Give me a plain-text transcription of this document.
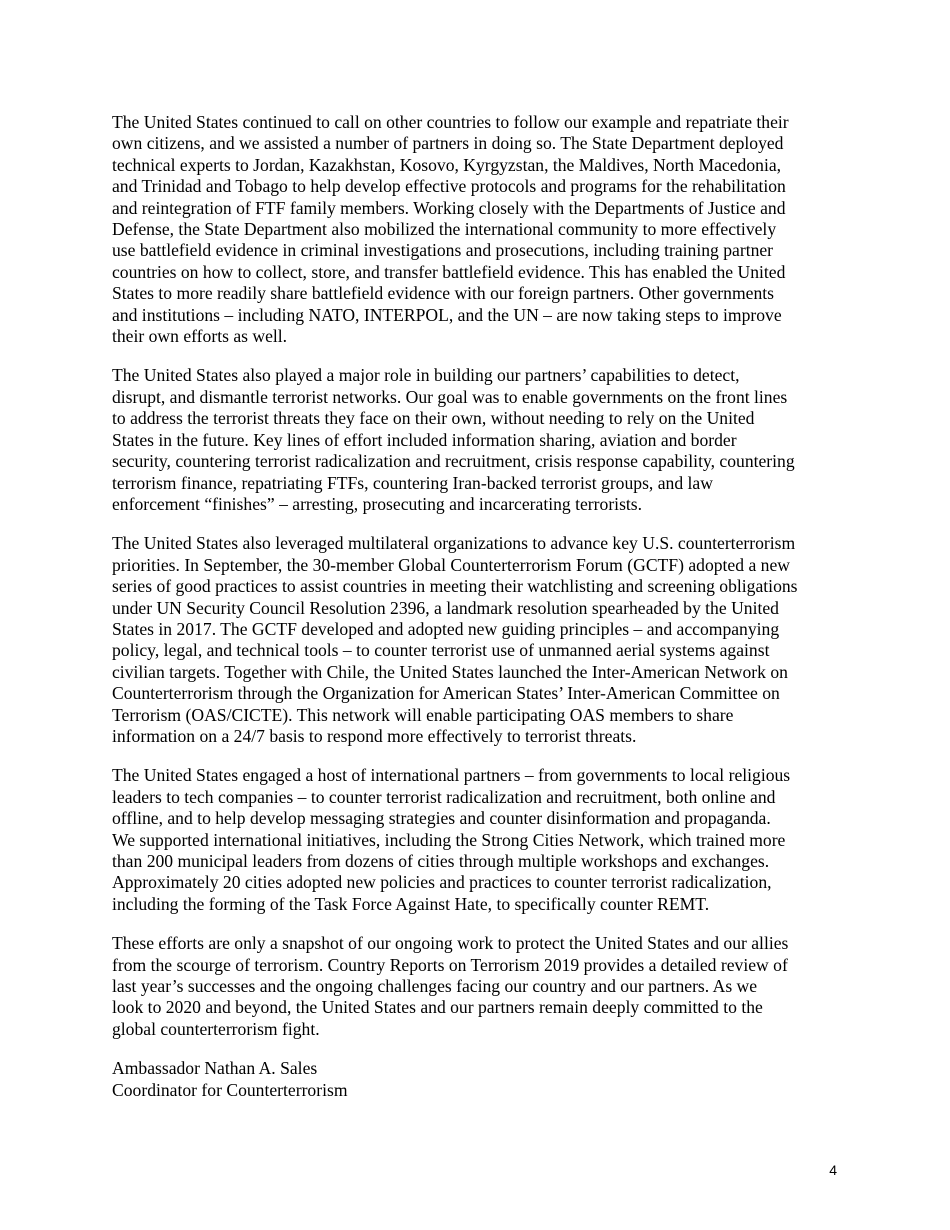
The United States continued to call on other countries to follow our example and repatriate their
own citizens, and we assisted a number of partners in doing so. The State Department deployed
technical experts to Jordan, Kazakhstan, Kosovo, Kyrgyzstan, the Maldives, North Macedonia,
and Trinidad and Tobago to help develop effective protocols and programs for the rehabilitation
and reintegration of FTF family members. Working closely with the Departments of Justice and
Defense, the State Department also mobilized the international community to more effectively
use battlefield evidence in criminal investigations and prosecutions, including training partner
countries on how to collect, store, and transfer battlefield evidence. This has enabled the United
States to more readily share battlefield evidence with our foreign partners. Other governments
and institutions – including NATO, INTERPOL, and the UN – are now taking steps to improve
their own efforts as well.

The United States also played a major role in building our partners’ capabilities to detect,
disrupt, and dismantle terrorist networks. Our goal was to enable governments on the front lines
to address the terrorist threats they face on their own, without needing to rely on the United
States in the future. Key lines of effort included information sharing, aviation and border
security, countering terrorist radicalization and recruitment, crisis response capability, countering
terrorism finance, repatriating FTFs, countering Iran-backed terrorist groups, and law
enforcement “finishes” – arresting, prosecuting and incarcerating terrorists.

The United States also leveraged multilateral organizations to advance key U.S. counterterrorism
priorities. In September, the 30-member Global Counterterrorism Forum (GCTF) adopted a new
series of good practices to assist countries in meeting their watchlisting and screening obligations
under UN Security Council Resolution 2396, a landmark resolution spearheaded by the United
States in 2017. The GCTF developed and adopted new guiding principles – and accompanying
policy, legal, and technical tools – to counter terrorist use of unmanned aerial systems against
civilian targets. Together with Chile, the United States launched the Inter-American Network on
Counterterrorism through the Organization for American States’ Inter-American Committee on
Terrorism (OAS/CICTE). This network will enable participating OAS members to share
information on a 24/7 basis to respond more effectively to terrorist threats.

The United States engaged a host of international partners – from governments to local religious
leaders to tech companies – to counter terrorist radicalization and recruitment, both online and
offline, and to help develop messaging strategies and counter disinformation and propaganda.
We supported international initiatives, including the Strong Cities Network, which trained more
than 200 municipal leaders from dozens of cities through multiple workshops and exchanges.
Approximately 20 cities adopted new policies and practices to counter terrorist radicalization,
including the forming of the Task Force Against Hate, to specifically counter REMT.

These efforts are only a snapshot of our ongoing work to protect the United States and our allies
from the scourge of terrorism. Country Reports on Terrorism 2019 provides a detailed review of
last year’s successes and the ongoing challenges facing our country and our partners. As we
look to 2020 and beyond, the United States and our partners remain deeply committed to the
global counterterrorism fight.

Ambassador Nathan A. Sales
Coordinator for Counterterrorism

4
